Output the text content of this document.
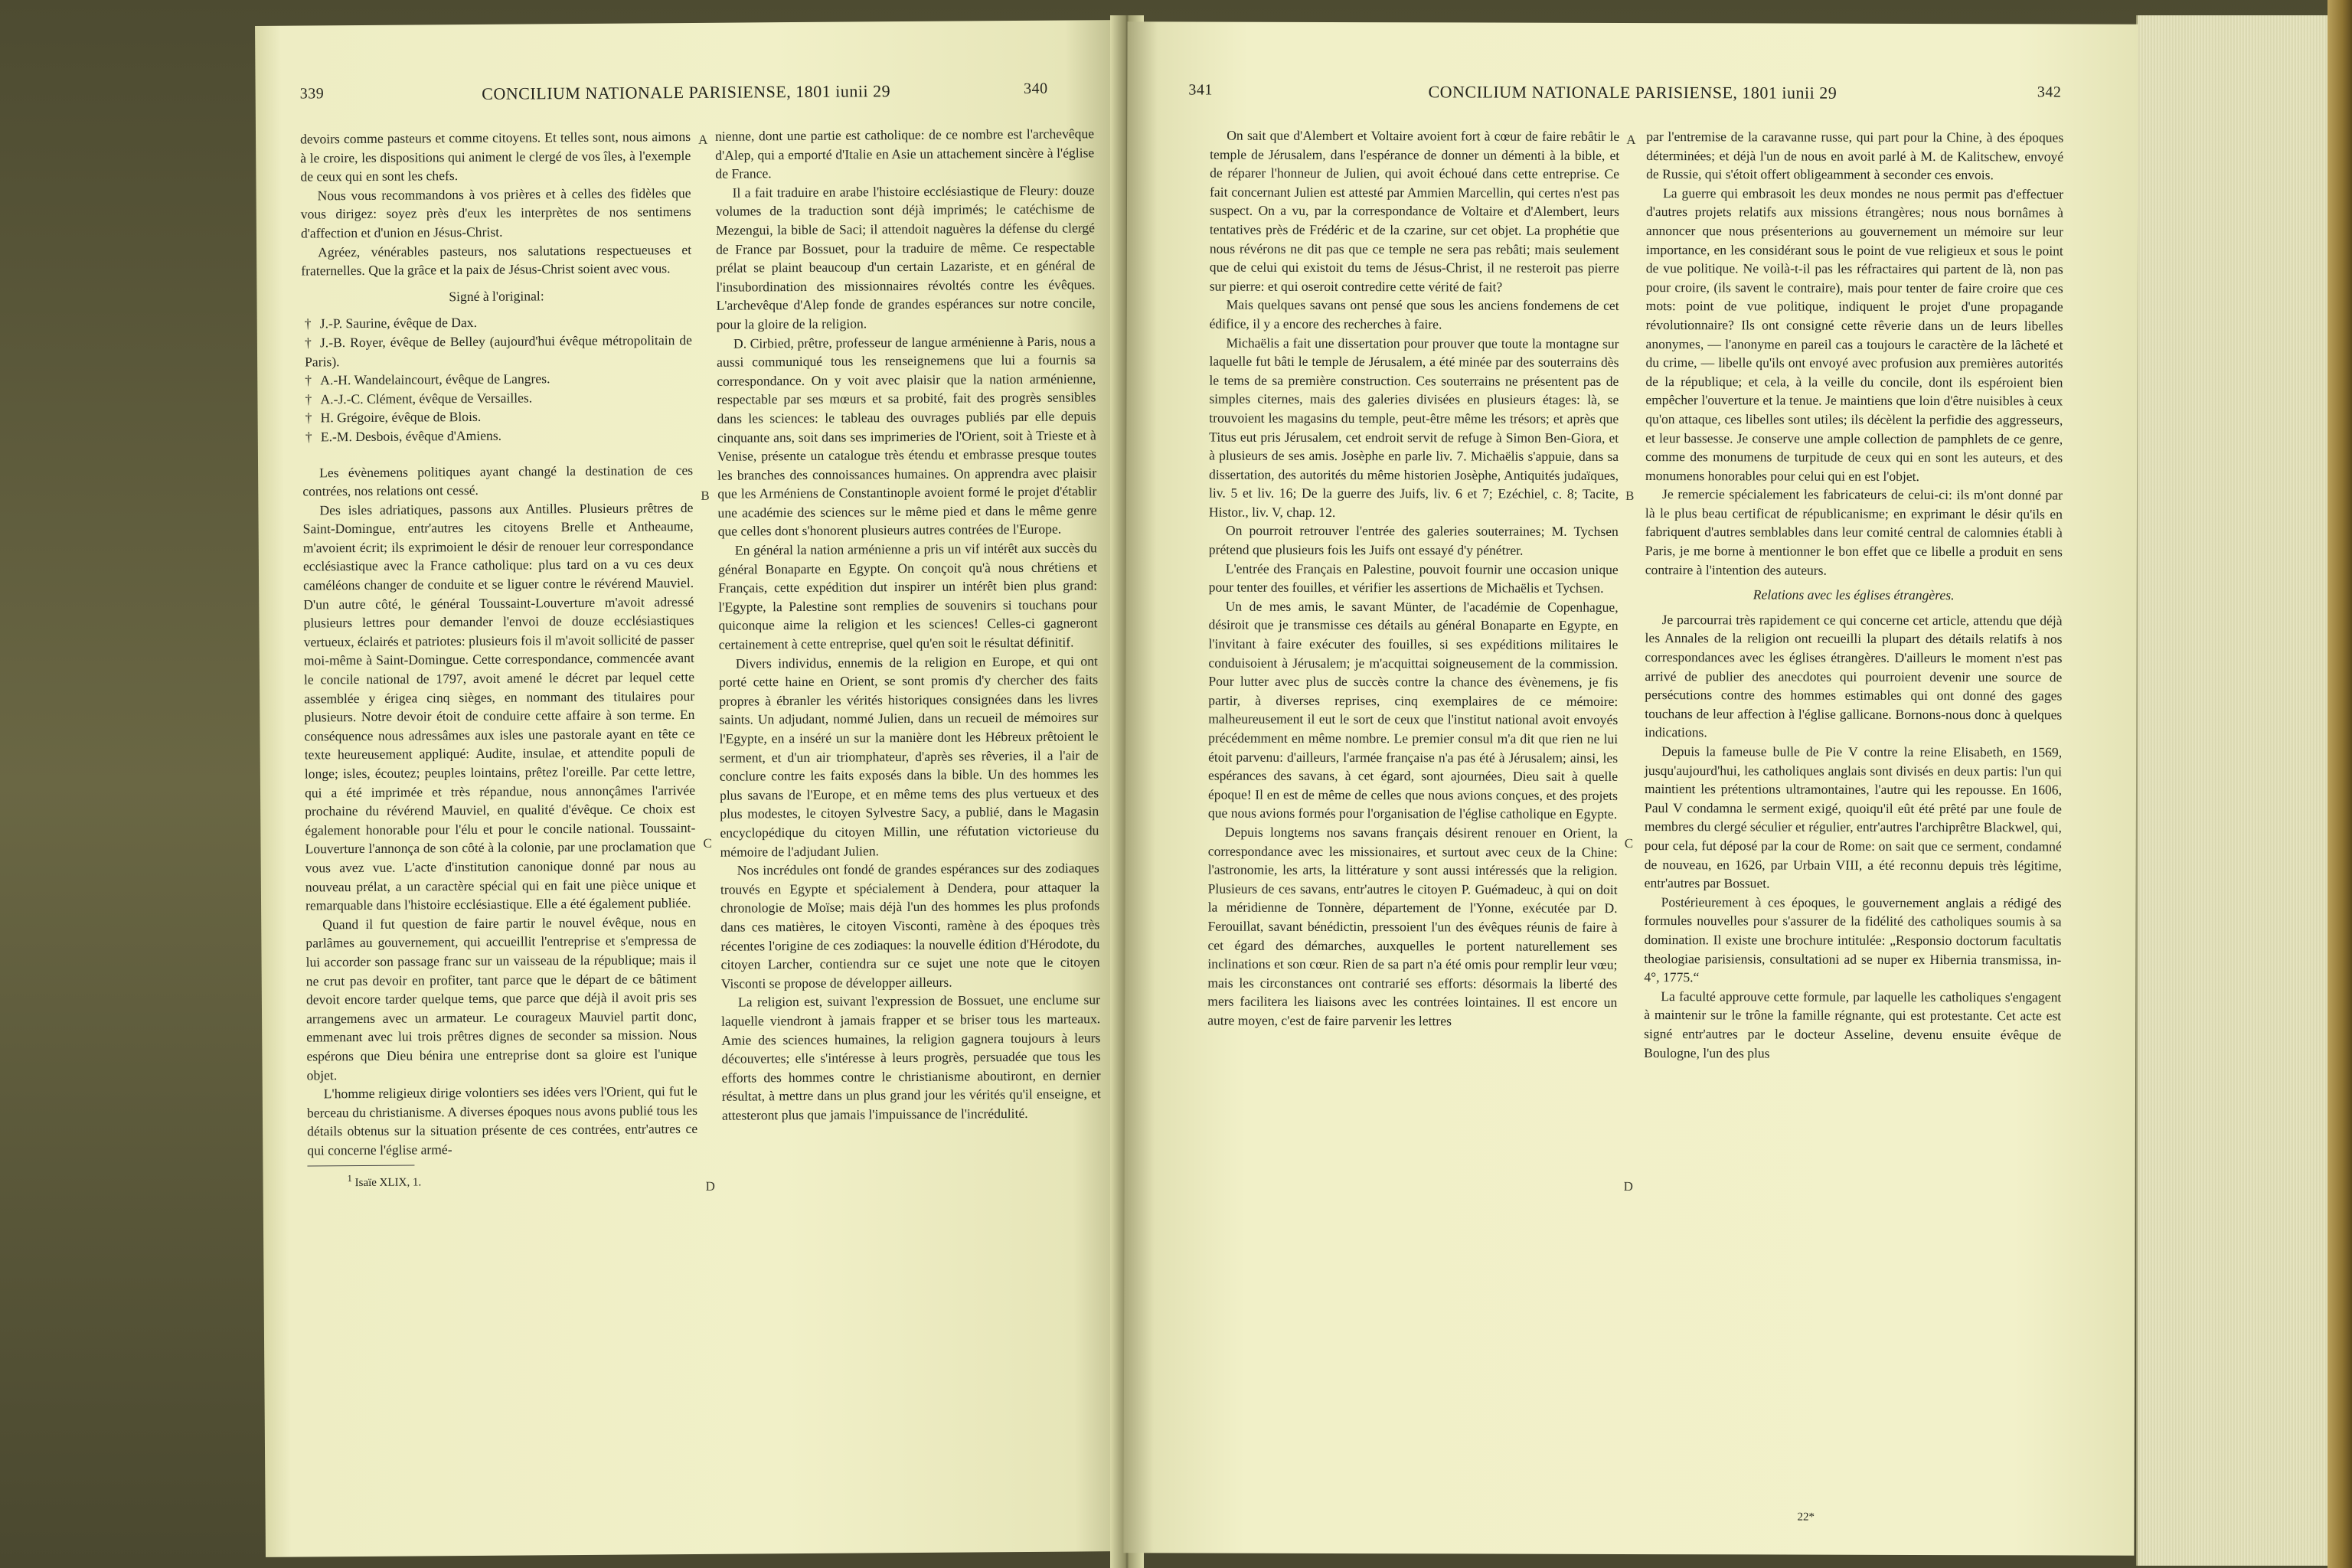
339	CONCILIUM NATIONALE PARISIENSE, 1801 iunii 29	340

devoirs comme pasteurs et comme citoyens. Et telles sont, nous aimons à le croire, les dispositions qui animent le clergé de vos îles, à l'exemple de ceux qui en sont les chefs.

Nous vous recommandons à vos prières et à celles des fidèles que vous dirigez: soyez près d'eux les interprètes de nos sentimens d'affection et d'union en Jésus-Christ.

Agréez, vénérables pasteurs, nos salutations respectueuses et fraternelles. Que la grâce et la paix de Jésus-Christ soient avec vous.

Signé à l'original:

† J.-P. Saurine, évêque de Dax.

† J.-B. Royer, évêque de Belley (aujourd'hui évêque métropolitain de Paris).

† A.-H. Wandelaincourt, évêque de Langres.

† A.-J.-C. Clément, évêque de Versailles.

† H. Grégoire, évêque de Blois.

† E.-M. Desbois, évêque d'Amiens.

Les évènemens politiques ayant changé la destination de ces contrées, nos relations ont cessé.

Des isles adriatiques, passons aux Antilles. Plusieurs prêtres de Saint-Domingue, entr'autres les citoyens Brelle et Antheaume, m'avoient écrit; ils exprimoient le désir de renouer leur correspondance ecclésiastique avec la France catholique: plus tard on a vu ces deux caméléons changer de conduite et se liguer contre le révérend Mauviel. D'un autre côté, le général Toussaint-Louverture m'avoit adressé plusieurs lettres pour demander l'envoi de douze ecclésiastiques vertueux, éclairés et patriotes: plusieurs fois il m'avoit sollicité de passer moi-même à Saint-Domingue. Cette correspondance, commencée avant le concile national de 1797, avoit amené le décret par lequel cette assemblée y érigea cinq sièges, en nommant des titulaires pour plusieurs. Notre devoir étoit de conduire cette affaire à son terme. En conséquence nous adressâmes aux isles une pastorale ayant en tête ce texte heureusement appliqué: Audite, insulae, et attendite populi de longe; isles, écoutez; peuples lointains, prêtez l'oreille. Par cette lettre, qui a été imprimée et très répandue, nous annonçâmes l'arrivée prochaine du révérend Mauviel, en qualité d'évêque. Ce choix est également honorable pour l'élu et pour le concile national. Toussaint-Louverture l'annonça de son côté à la colonie, par une proclamation que vous avez vue. L'acte d'institution canonique donné par nous au nouveau prélat, a un caractère spécial qui en fait une pièce unique et remarquable dans l'histoire ecclésiastique. Elle a été également publiée.

Quand il fut question de faire partir le nouvel évêque, nous en parlâmes au gouvernement, qui accueillit l'entreprise et s'empressa de lui accorder son passage franc sur un vaisseau de la république; mais il ne crut pas devoir en profiter, tant parce que le départ de ce bâtiment devoit encore tarder quelque tems, que parce que déjà il avoit pris ses arrangemens avec un armateur. Le courageux Mauviel partit donc, emmenant avec lui trois prêtres dignes de seconder sa mission. Nous espérons que Dieu bénira une entreprise dont sa gloire est l'unique objet.

L'homme religieux dirige volontiers ses idées vers l'Orient, qui fut le berceau du christianisme. A diverses époques nous avons publié tous les détails obtenus sur la situation présente de ces contrées, entr'autres ce qui concerne l'église armé-

$^1$ Isaïe XLIX, 1.

A
B
C
D

nienne, dont une partie est catholique: de ce nombre est l'archevêque d'Alep, qui a emporté d'Italie en Asie un attachement sincère à l'église de France.

Il a fait traduire en arabe l'histoire ecclésiastique de Fleury: douze volumes de la traduction sont déjà imprimés; le catéchisme de Mezengui, la bible de Saci; il attendoit naguères la défense du clergé de France par Bossuet, pour la traduire de même. Ce respectable prélat se plaint beaucoup d'un certain Lazariste, et en général de l'insubordination des missionnaires révoltés contre les évêques. L'archevêque d'Alep fonde de grandes espérances sur notre concile, pour la gloire de la religion.

D. Cirbied, prêtre, professeur de langue arménienne à Paris, nous a aussi communiqué tous les renseignemens que lui a fournis sa correspondance. On y voit avec plaisir que la nation arménienne, respectable par ses mœurs et sa probité, fait des progrès sensibles dans les sciences: le tableau des ouvrages publiés par elle depuis cinquante ans, soit dans ses imprimeries de l'Orient, soit à Trieste et à Venise, présente un catalogue très étendu et embrasse presque toutes les branches des connoissances humaines. On apprendra avec plaisir que les Arméniens de Constantinople avoient formé le projet d'établir une académie des sciences sur le même pied et dans le même genre que celles dont s'honorent plusieurs autres contrées de l'Europe.

En général la nation arménienne a pris un vif intérêt aux succès du général Bonaparte en Egypte. On conçoit qu'à nous chrétiens et Français, cette expédition dut inspirer un intérêt bien plus grand: l'Egypte, la Palestine sont remplies de souvenirs si touchans pour quiconque aime la religion et les sciences! Celles-ci gagneront certainement à cette entreprise, quel qu'en soit le résultat définitif.

Divers individus, ennemis de la religion en Europe, et qui ont porté cette haine en Orient, se sont promis d'y chercher des faits propres à ébranler les vérités historiques consignées dans les livres saints. Un adjudant, nommé Julien, dans un recueil de mémoires sur l'Egypte, en a inséré un sur la manière dont les Hébreux prêtoient le serment, et d'un air triomphateur, d'après ses rêveries, il a l'air de conclure contre les faits exposés dans la bible. Un des hommes les plus savans de l'Europe, et en même tems des plus vertueux et des plus modestes, le citoyen Sylvestre Sacy, a publié, dans le Magasin encyclopédique du citoyen Millin, une réfutation victorieuse du mémoire de l'adjudant Julien.

Nos incrédules ont fondé de grandes espérances sur des zodiaques trouvés en Egypte et spécialement à Dendera, pour attaquer la chronologie de Moïse; mais déjà l'un des hommes les plus profonds dans ces matières, le citoyen Visconti, ramène à des époques très récentes l'origine de ces zodiaques: la nouvelle édition d'Hérodote, du citoyen Larcher, contiendra sur ce sujet une note que le citoyen Visconti se propose de développer ailleurs.

La religion est, suivant l'expression de Bossuet, une enclume sur laquelle viendront à jamais frapper et se briser tous les marteaux. Amie des sciences humaines, la religion gagnera toujours à leurs découvertes; elle s'intéresse à leurs progrès, persuadée que tous les efforts des hommes contre le christianisme aboutiront, en dernier résultat, à mettre dans un plus grand jour les vérités qu'il enseigne, et attesteront plus que jamais l'impuissance de l'incrédulité.

341	CONCILIUM NATIONALE PARISIENSE, 1801 iunii 29	342

On sait que d'Alembert et Voltaire avoient fort à cœur de faire rebâtir le temple de Jérusalem, dans l'espérance de donner un démenti à la bible, et de réparer l'honneur de Julien, qui avoit échoué dans cette entreprise. Ce fait concernant Julien est attesté par Ammien Marcellin, qui certes n'est pas suspect. On a vu, par la correspondance de Voltaire et d'Alembert, leurs tentatives près de Frédéric et de la czarine, sur cet objet. La prophétie que nous révérons ne dit pas que ce temple ne sera pas rebâti; mais seulement que de celui qui existoit du tems de Jésus-Christ, il ne resteroit pas pierre sur pierre: et qui oseroit contredire cette vérité de fait?

Mais quelques savans ont pensé que sous les anciens fondemens de cet édifice, il y a encore des recherches à faire.

Michaëlis a fait une dissertation pour prouver que toute la montagne sur laquelle fut bâti le temple de Jérusalem, a été minée par des souterrains dès le tems de sa première construction. Ces souterrains ne présentent pas de simples citernes, mais des galeries divisées en plusieurs étages: là, se trouvoient les magasins du temple, peut-être même les trésors; et après que Titus eut pris Jérusalem, cet endroit servit de refuge à Simon Ben-Giora, et à plusieurs de ses amis. Josèphe en parle liv. 7. Michaëlis s'appuie, dans sa dissertation, des autorités du même historien Josèphe, Antiquités judaïques, liv. 5 et liv. 16; De la guerre des Juifs, liv. 6 et 7; Ezéchiel, c. 8; Tacite, Histor., liv. V, chap. 12.

On pourroit retrouver l'entrée des galeries souterraines; M. Tychsen prétend que plusieurs fois les Juifs ont essayé d'y pénétrer.

L'entrée des Français en Palestine, pouvoit fournir une occasion unique pour tenter des fouilles, et vérifier les assertions de Michaëlis et Tychsen.

Un de mes amis, le savant Münter, de l'académie de Copenhague, désiroit que je transmisse ces détails au général Bonaparte en Egypte, en l'invitant à faire exécuter des fouilles, si ses expéditions militaires le conduisoient à Jérusalem; je m'acquittai soigneusement de la commission. Pour lutter avec plus de succès contre la chance des évènemens, je fis partir, à diverses reprises, cinq exemplaires de ce mémoire: malheureusement il eut le sort de ceux que l'institut national avoit envoyés précédemment en même nombre. Le premier consul m'a dit que rien ne lui étoit parvenu: d'ailleurs, l'armée française n'a pas été à Jérusalem; ainsi, les espérances des savans, à cet égard, sont ajournées, Dieu sait à quelle époque! Il en est de même de celles que nous avions conçues, et des projets que nous avions formés pour l'organisation de l'église catholique en Egypte.

Depuis longtems nos savans français désirent renouer en Orient, la correspondance avec les missionaires, et surtout avec ceux de la Chine: l'astronomie, les arts, la littérature y sont aussi intéressés que la religion. Plusieurs de ces savans, entr'autres le citoyen P. Guémadeuc, à qui on doit la méridienne de Tonnère, département de l'Yonne, exécutée par D. Ferouillat, savant bénédictin, pressoient l'un des évêques réunis de faire à cet égard des démarches, auxquelles le portent naturellement ses inclinations et son cœur. Rien de sa part n'a été omis pour remplir leur vœu; mais les circonstances ont contrarié ses efforts: désormais la liberté des mers facilitera les liaisons avec les contrées lointaines. Il est encore un autre moyen, c'est de faire parvenir les lettres

A
B
C
D

par l'entremise de la caravanne russe, qui part pour la Chine, à des époques déterminées; et déjà l'un de nous en avoit parlé à M. de Kalitschew, envoyé de Russie, qui s'étoit offert obligeamment à seconder ces envois.

La guerre qui embrasoit les deux mondes ne nous permit pas d'effectuer d'autres projets relatifs aux missions étrangères; nous nous bornâmes à annoncer que nous présenterions au gouvernement un mémoire sur leur importance, en les considérant sous le point de vue religieux et sous le point de vue politique. Ne voilà-t-il pas les réfractaires qui partent de là, non pas pour croire, (ils savent le contraire), mais pour tenter de faire croire que ces mots: point de vue politique, indiquent le projet d'une propagande révolutionnaire? Ils ont consigné cette rêverie dans un de leurs libelles anonymes, — l'anonyme en pareil cas a toujours le caractère de la lâcheté et du crime, — libelle qu'ils ont envoyé avec profusion aux premières autorités de la république; et cela, à la veille du concile, dont ils espéroient bien empêcher l'ouverture et la tenue. Je maintiens que loin d'être nuisibles à ceux qu'on attaque, ces libelles sont utiles; ils décèlent la perfidie des aggresseurs, et leur bassesse. Je conserve une ample collection de pamphlets de ce genre, comme des monumens de turpitude de ceux qui en sont les auteurs, et des monumens honorables pour celui qui en est l'objet.

Je remercie spécialement les fabricateurs de celui-ci: ils m'ont donné par là le plus beau certificat de républicanisme; en exprimant le désir qu'ils en fabriquent d'autres semblables dans leur comité central de calomnies établi à Paris, je me borne à mentionner le bon effet que ce libelle a produit en sens contraire à l'intention des auteurs.

Relations avec les églises étrangères.

Je parcourrai très rapidement ce qui concerne cet article, attendu que déjà les Annales de la religion ont recueilli la plupart des détails relatifs à nos correspondances avec les églises étrangères. D'ailleurs le moment n'est pas arrivé de publier des anecdotes qui pourroient devenir une source de persécutions contre des hommes estimables qui ont donné des gages touchans de leur affection à l'église gallicane. Bornons-nous donc à quelques indications.

Depuis la fameuse bulle de Pie V contre la reine Elisabeth, en 1569, jusqu'aujourd'hui, les catholiques anglais sont divisés en deux partis: l'un qui maintient les prétentions ultramontaines, l'autre qui les repousse. En 1606, Paul V condamna le serment exigé, quoiqu'il eût été prêté par une foule de membres du clergé séculier et régulier, entr'autres l'archiprêtre Blackwel, qui, pour cela, fut déposé par la cour de Rome: on sait que ce serment, condamné de nouveau, en 1626, par Urbain VIII, a été reconnu depuis très légitime, entr'autres par Bossuet.

Postérieurement à ces époques, le gouvernement anglais a rédigé des formules nouvelles pour s'assurer de la fidélité des catholiques soumis à sa domination. Il existe une brochure intitulée: „Responsio doctorum facultatis theologiae parisiensis, consultationi ad se nuper ex Hibernia transmissa, in-4°, 1775.“

La faculté approuve cette formule, par laquelle les catholiques s'engagent à maintenir sur le trône la famille régnante, qui est protestante. Cet acte est signé entr'autres par le docteur Asseline, devenu ensuite évêque de Boulogne, l'un des plus

22*
